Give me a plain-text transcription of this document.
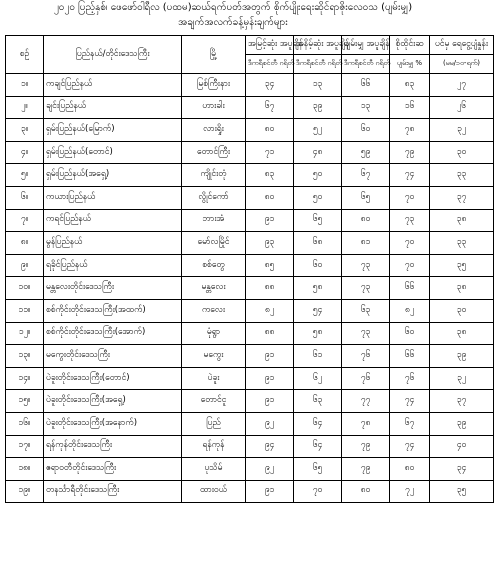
၂၀၂၀ ပြည့်နှစ်၊ ဖေဖော်ဝါရီလ (ပထမ)ဆယ်ရက်ပတ်အတွက် စိုက်ပျိုးရေးဆိုင်ရာဇိုးလေ၀သ (ပျမ်းမျှ)
အချက်အလက်ခန့်မှန်းချက်များ
စဉ်	ပြည်နယ်/တိုင်းဒေသကြီး	မြို့	အမြင့်ဆုံး အပူချိန်	အနိမ့်ဆုံး အပူချိန်	ပျမ်းမျှ အပူချိန်	စိုထိုင်းဆ	ပင်မှ ရေငွေ့ပျံနှုန်း
			ဒီကရီစင်တီ ဂရိတ်	ဒီကရီစင်တီ ဂရိတ်	ဒီကရီစင်တီ ဂရိတ်	ပျမ်းမျှ %	(မမ/၁၀-ရက်)
၁။	ကချင်ပြည်နယ်	မြစ်ကြီးနား	၃၄	၁၃	၆၆	၈၃	၂၇
၂။	ချင်းပြည်နယ်	ဟားခါး	၆၇	၃၉	၁၃	၁၆	၂၆
၃။	ရှမ်းပြည်နယ်(မြောက်)	လားရှိုး	၈၀	၅၂	၆၀	၇၈	၃၂
၄။	ရှမ်းပြည်နယ်(တောင်)	တောင်ကြီး	၇၁	၄၈	၅၉	၇၉	၃၀
၅။	ရှမ်းပြည်နယ်(အရှေ့)	ကျိုင်းတုံ	၈၃	၅၀	၆၇	၇၄	၃၃
၆။	ကယားပြည်နယ်	လွိုင်ကော်	၈၀	၅၀	၆၅	၇၀	၃၇
၇။	ကရင်ပြည်နယ်	ဘားအံ	၉၁	၆၅	၈၀	၇၃	၃၈
၈။	မွန်ပြည်နယ်	မော်လမြိုင်	၉၃	၆၈	၈၁	၇၀	၃၃
၉။	ရခိုင်ပြည်နယ်	စစ်တွေ	၈၅	၆၀	၇၃	၇၀	၃၅
၁၀။	မန္တလေးတိုင်းဒေသကြီး	မန္တလေး	၈၈	၅၈	၇၃	၆၆	၃၈
၁၁။	စစ်ကိုင်းတိုင်းဒေသကြီး(အထက်)	ကလေး	၈၂	၅၄	၆၃	၈၂	၃၀
၁၂။	စစ်ကိုင်းတိုင်းဒေသကြီး(အောက်)	မုံရွာ	၈၈	၅၈	၇၃	၆၀	၃၈
၁၃။	မကွေးတိုင်းဒေသကြီး	မကွေး	၉၁	၆၁	၇၆	၆၆	၃၉
၁၄။	ပဲခူးတိုင်းဒေသကြီး(တောင်)	ပဲခူး	၉၁	၆၂	၇၆	၇၆	၃၂
၁၅။	ပဲခူးတိုင်းဒေသကြီး(အရှေ့)	တောင်ငူ	၉၁	၆၃	၇၇	၇၄	၃၇
၁၆။	ပဲခူးတိုင်းဒေသကြီး(အနောက်)	ပြည်	၉၂	၆၄	၇၈	၆၇	၃၉
၁၇။	ရန်ကုန်တိုင်းဒေသကြီး	ရန်ကုန်	၉၄	၆၄	၇၉	၇၄	၄၀
၁၈။	ဧရာဝတီတိုင်းဒေသကြီး	ပုသိမ်	၉၂	၆၅	၇၉	၈၀	၃၄
၁၉။	တနင်္သာရီတိုင်းဒေသကြီး	ထားဝယ်	၉၁	၇၀	၈၀	၇၂	၃၅
